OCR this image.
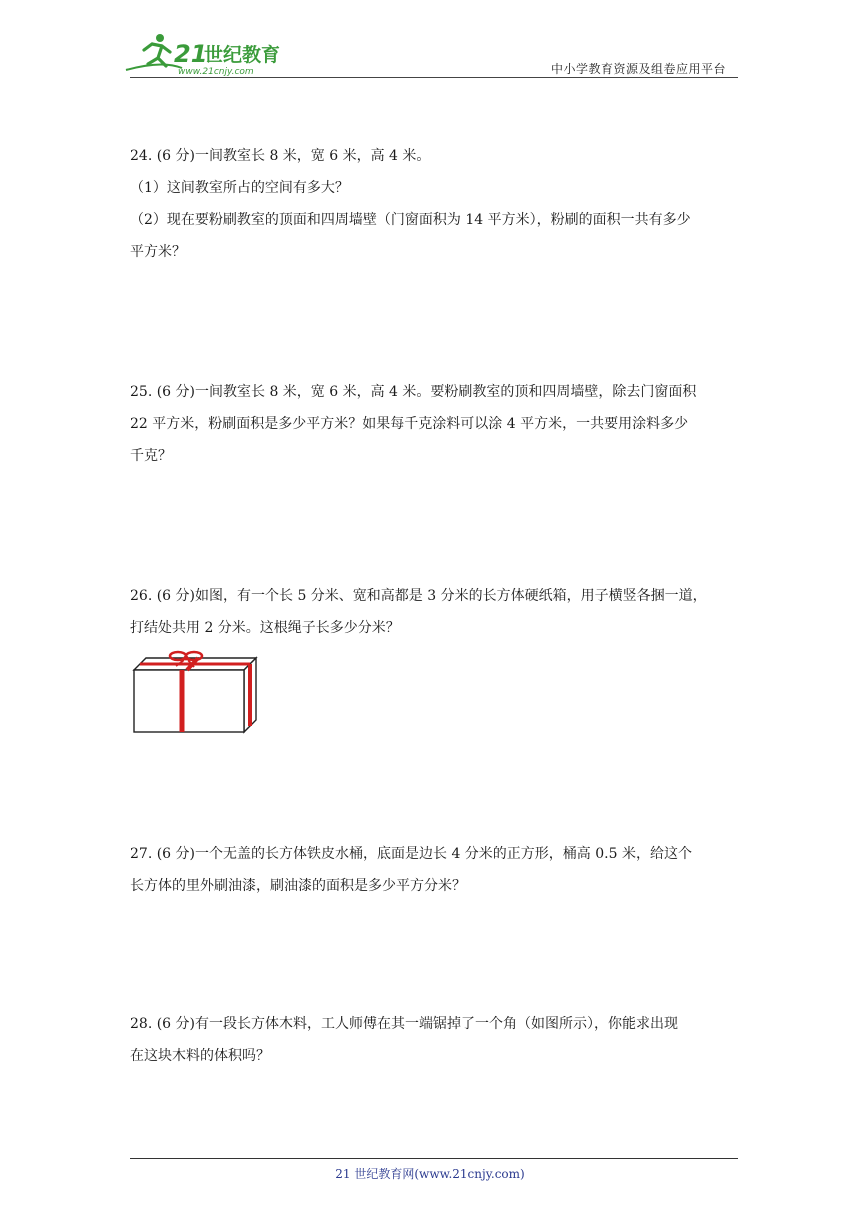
21
世纪教育
www.21cnjy.com	中小学教育资源及组卷应用平台

24. (6 分)一间教室长 8 米，宽 6 米，高 4 米。

（1）这间教室所占的空间有多大？

（2）现在要粉刷教室的顶面和四周墙壁（门窗面积为 14 平方米），粉刷的面积一共有多少

平方米？

25. (6 分)一间教室长 8 米，宽 6 米，高 4 米。要粉刷教室的顶和四周墙壁，除去门窗面积

22 平方米，粉刷面积是多少平方米？如果每千克涂料可以涂 4 平方米，一共要用涂料多少

千克？

26. (6 分)如图，有一个长 5 分米、宽和高都是 3 分米的长方体硬纸箱，用子横竖各捆一道，

打结处共用 2 分米。这根绳子长多少分米？

27. (6 分)一个无盖的长方体铁皮水桶，底面是边长 4 分米的正方形，桶高 0.5 米，给这个

长方体的里外刷油漆，刷油漆的面积是多少平方分米？

28. (6 分)有一段长方体木料，工人师傅在其一端锯掉了一个角（如图所示），你能求出现

在这块木料的体积吗？

21 世纪教育网(www.21cnjy.com)
